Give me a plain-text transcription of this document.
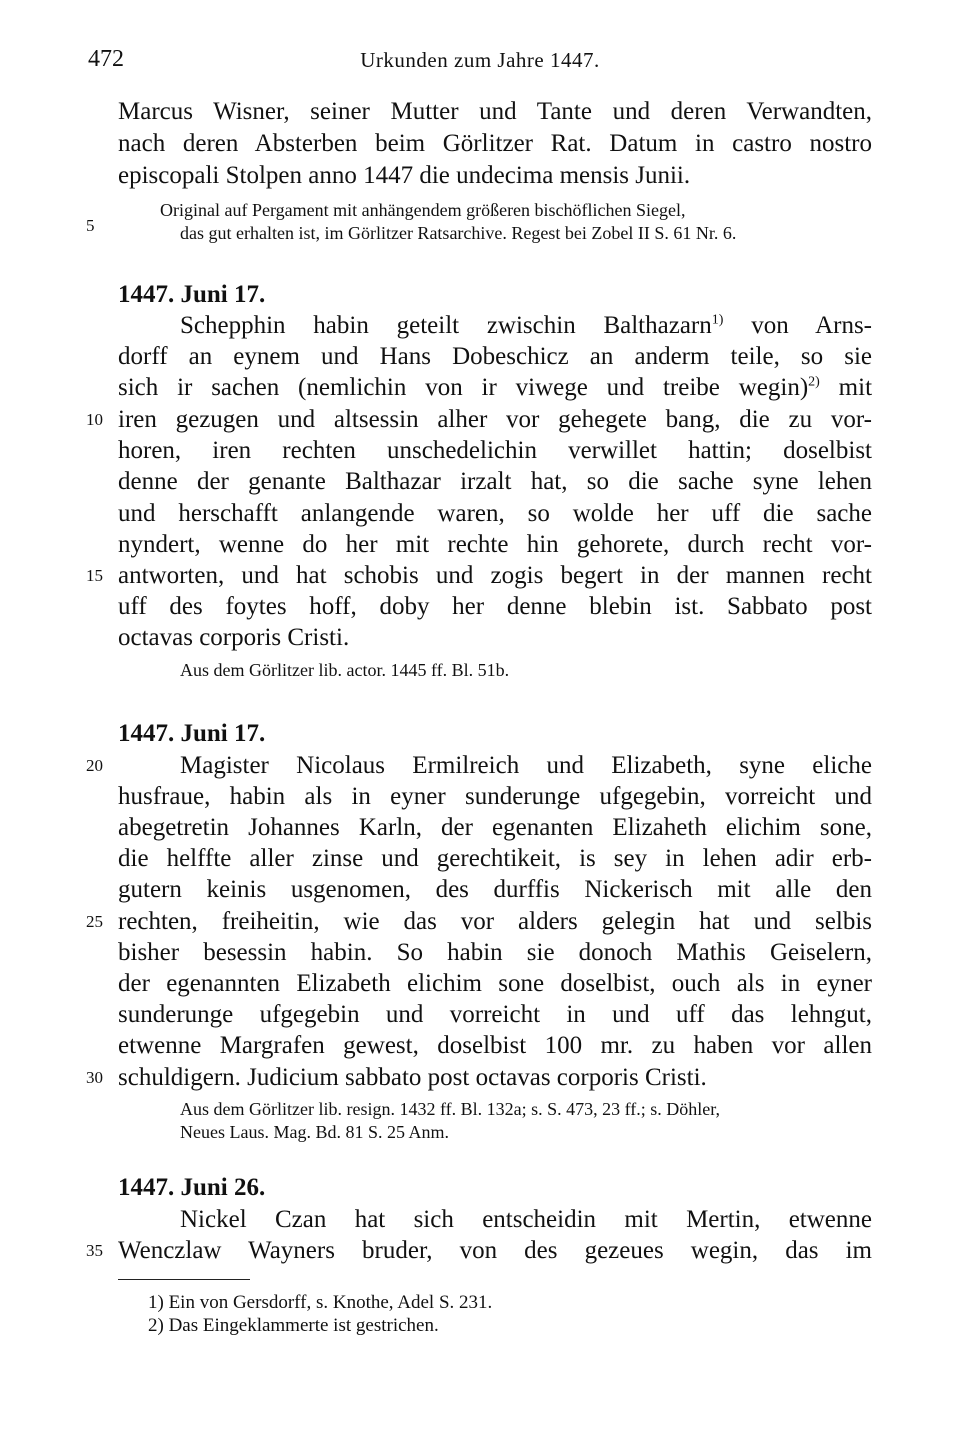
472	Urkunden zum Jahre 1447.
Marcus Wisner, seiner Mutter und Tante und deren Verwandten,
nach deren Absterben beim Görlitzer Rat. Datum in castro nostro
episcopali Stolpen anno 1447 die undecima mensis Junii.
Original auf Pergament mit anhängendem größeren bischöflichen Siegel,
das gut erhalten ist, im Görlitzer Ratsarchive. Regest bei Zobel II S. 61 Nr. 6.
5
1447. Juni 17.
Schepphin habin geteilt zwischin Balthazarn$^{1)}$ von Arns-
dorff an eynem und Hans Dobeschicz an anderm teile, so sie
sich ir sachen (nemlichin von ir viwege und treibe wegin)$^{2)}$ mit
iren gezugen und altsessin alher vor gehegete bang, die zu vor-
10
horen, iren rechten unschedelichin verwillet hattin; doselbist
denne der genante Balthazar irzalt hat, so die sache syne lehen
und herschafft anlangende waren, so wolde her uff die sache
nyndert, wenne do her mit rechte hin gehorete, durch recht vor-
antworten, und hat schobis und zogis begert in der mannen recht
15
uff des foytes hoff, doby her denne blebin ist. Sabbato post
octavas corporis Cristi.
Aus dem Görlitzer lib. actor. 1445 ff. Bl. 51b.
1447. Juni 17.
Magister Nicolaus Ermilreich und Elizabeth, syne eliche
20
husfraue, habin als in eyner sunderunge ufgegebin, vorreicht und
abegetretin Johannes Karln, der egenanten Elizaheth elichim sone,
die helffte aller zinse und gerechtikeit, is sey in lehen adir erb-
gutern keinis usgenomen, des durffis Nickerisch mit alle den
rechten, freiheitin, wie das vor alders gelegin hat und selbis
25
bisher besessin habin. So habin sie donoch Mathis Geiselern,
der egenannten Elizabeth elichim sone doselbist, ouch als in eyner
sunderunge ufgegebin und vorreicht in und uff das lehngut,
etwenne Margrafen gewest, doselbist 100 mr. zu haben vor allen
schuldigern. Judicium sabbato post octavas corporis Cristi.
30
Aus dem Görlitzer lib. resign. 1432 ff. Bl. 132a; s. S. 473, 23 ff.; s. Döhler,
Neues Laus. Mag. Bd. 81 S. 25 Anm.
1447. Juni 26.
Nickel Czan hat sich entscheidin mit Mertin, etwenne
Wenczlaw Wayners bruder, von des gezeues wegin, das im
35
1) Ein von Gersdorff, s. Knothe, Adel S. 231.
2) Das Eingeklammerte ist gestrichen.
